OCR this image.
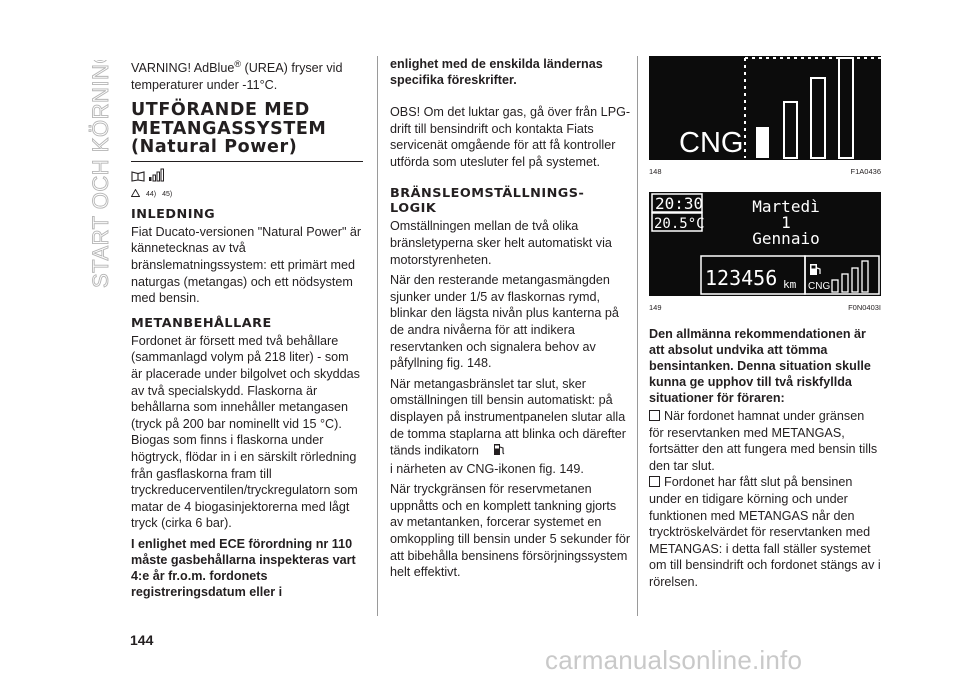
START OCH KÖRNING VARNING! AdBlue® (UREA) fryser vid
temperaturer under -11°C.

UTFÖRANDE MED
METANGASSYSTEM
(Natural Power)
44) 45)
INLEDNING

Fiat Ducato-versionen "Natural Power" är kännetecknas av två bränslematningssystem: ett primärt med naturgas (metangas) och ett nödsystem med bensin.

METANBEHÅLLARE

Fordonet är försett med två behållare (sammanlagd volym på 218 liter) - som är placerade under bilgolvet och skyddas av två specialskydd. Flaskorna är behållarna som innehåller metangasen (tryck på 200 bar nominellt vid 15 °C). Biogas som finns i flaskorna under högtryck, flödar in i en särskilt rörledning från gasflaskorna fram till tryckreducerventilen/tryckregulatorn som matar de 4 biogasinjektorerna med lågt tryck (cirka 6 bar).

I enlighet med ECE förordning nr 110 måste gasbehållarna inspekteras vart 4:e år fr.o.m. fordonets registreringsdatum eller i

enlighet med de enskilda ländernas specifika föreskrifter.

OBS! Om det luktar gas, gå över från LPG-drift till bensindrift och kontakta Fiats servicenät omgående för att få kontroller utförda som utesluter fel på systemet.

BRÄNSLEOMSTÄLLNINGS-
LOGIK

Omställningen mellan de två olika bränsletyperna sker helt automatiskt via motorstyrenheten.

När den resterande metangasmängden sjunker under 1/5 av flaskornas rymd, blinkar den lägsta nivån plus kanterna på de andra nivåerna för att indikera reservtanken och signalera behov av påfyllning fig. 148.

När metangasbränslet tar slut, sker omställningen till bensin automatiskt: på displayen på instrumentpanelen slutar alla de tomma staplarna att blinka och därefter tänds indikatorn
i närheten av CNG-ikonen fig. 149.

När tryckgränsen för reservmetanen uppnåtts och en komplett tankning gjorts av metantanken, forcerar systemet en omkoppling till bensin under 5 sekunder för att bibehålla bensinens försörjningssystem helt effektivt.

CNG
148	F1A0436
20:30
20.5°C
Martedì
1
Gennaio
123456 km CNG
149	F0N0403I

Den allmänna rekommendationen är att absolut undvika att tömma bensintanken. Denna situation skulle kunna ge upphov till två riskfyllda situationer för föraren:

När fordonet hamnat under gränsen för reservtanken med METANGAS, fortsätter den att fungera med bensin tills den tar slut.

Fordonet har fått slut på bensinen under en tidigare körning och under funktionen med METANGAS når den trycktröskelvärdet för reservtanken med METANGAS: i detta fall ställer systemet om till bensindrift och fordonet stängs av i rörelsen.

144
carmanualsonline.info
